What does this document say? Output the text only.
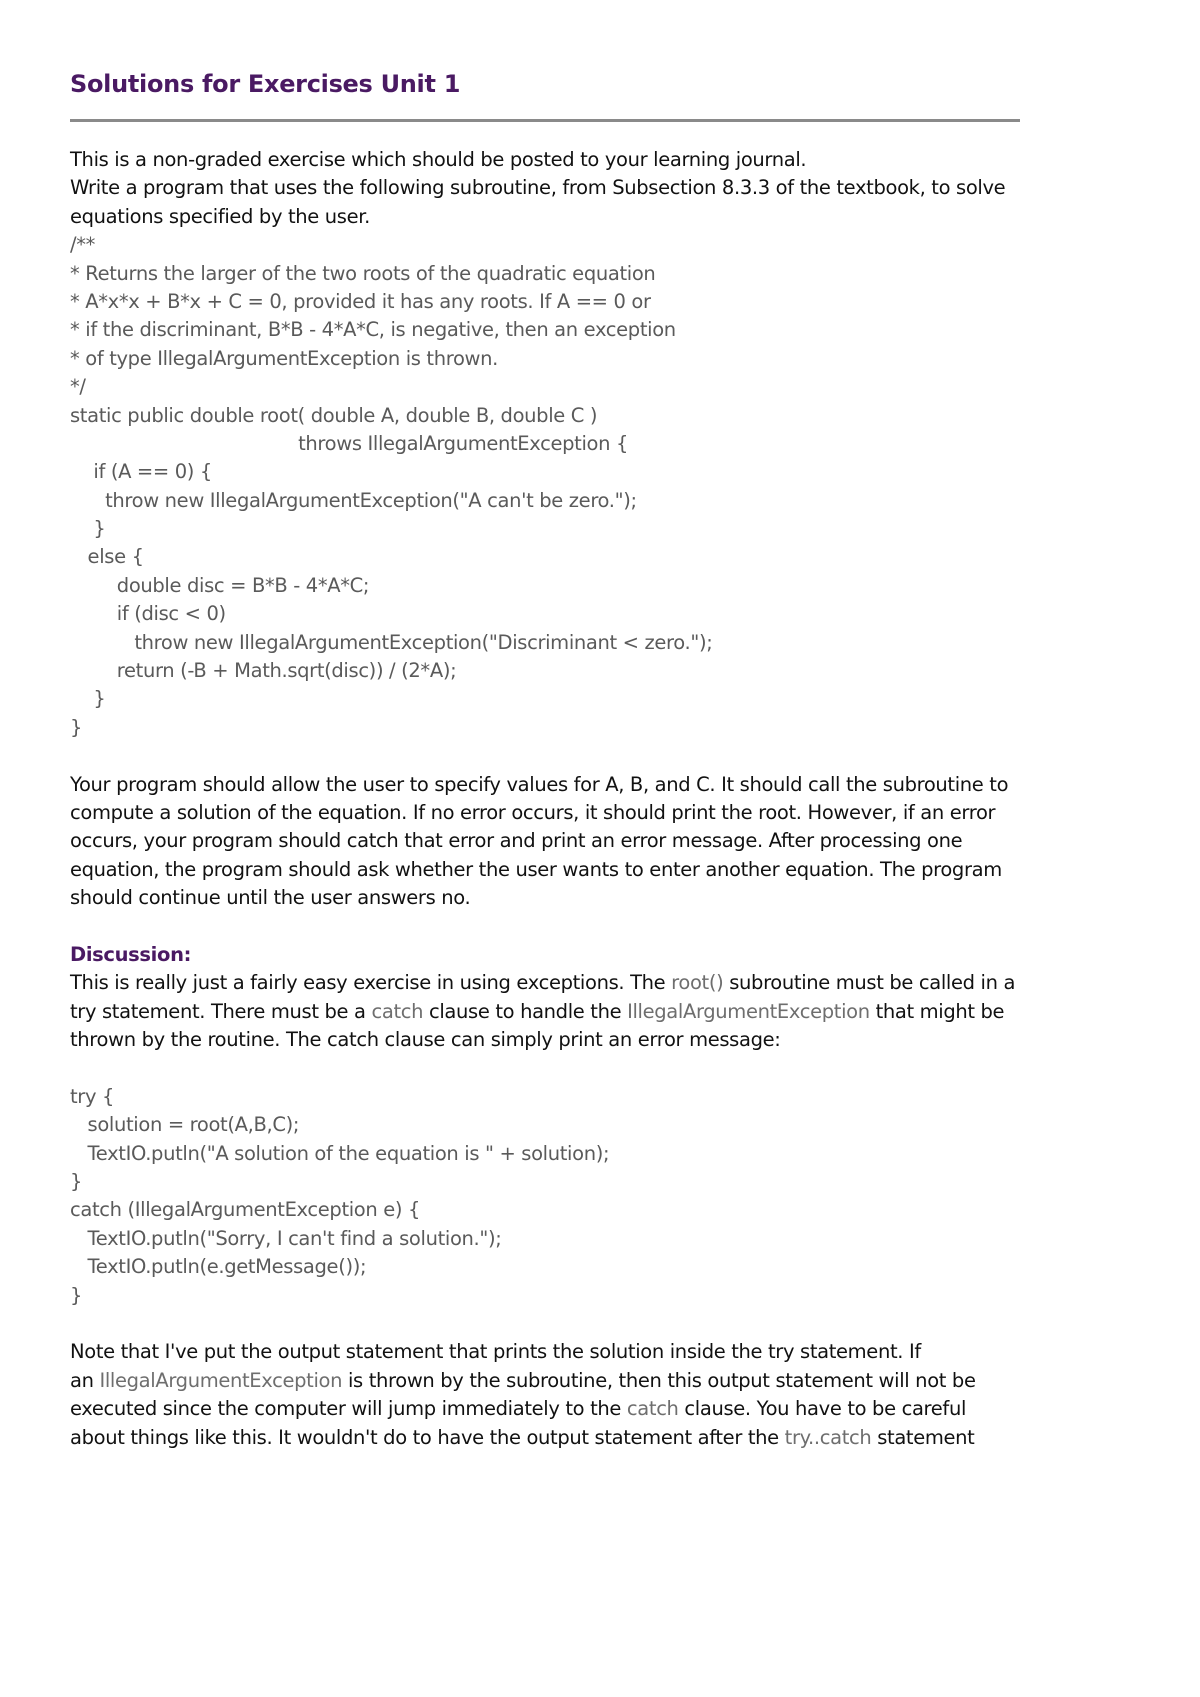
Solutions for Exercises Unit 1
This is a non-graded exercise which should be posted to your learning journal.
Write a program that uses the following subroutine, from Subsection 8.3.3 of the textbook, to solve
equations specified by the user.
/**
* Returns the larger of the two roots of the quadratic equation
* A*x*x + B*x + C = 0, provided it has any roots. If A == 0 or
* if the discriminant, B*B - 4*A*C, is negative, then an exception
* of type IllegalArgumentException is thrown.
*/
static public double root( double A, double B, double C )
throws IllegalArgumentException {
if (A == 0) {
throw new IllegalArgumentException("A can't be zero.");
}
else {
double disc = B*B - 4*A*C;
if (disc < 0)
throw new IllegalArgumentException("Discriminant < zero.");
return (-B + Math.sqrt(disc)) / (2*A);
}
}
Your program should allow the user to specify values for A, B, and C. It should call the subroutine to
compute a solution of the equation. If no error occurs, it should print the root. However, if an error
occurs, your program should catch that error and print an error message. After processing one
equation, the program should ask whether the user wants to enter another equation. The program
should continue until the user answers no.
Discussion:
This is really just a fairly easy exercise in using exceptions. The root() subroutine must be called in a
try statement. There must be a catch clause to handle the IllegalArgumentException that might be
thrown by the routine. The catch clause can simply print an error message:
try {
solution = root(A,B,C);
TextIO.putln("A solution of the equation is " + solution);
}
catch (IllegalArgumentException e) {
TextIO.putln("Sorry, I can't find a solution.");
TextIO.putln(e.getMessage());
}
Note that I've put the output statement that prints the solution inside the try statement. If
an IllegalArgumentException is thrown by the subroutine, then this output statement will not be
executed since the computer will jump immediately to the catch clause. You have to be careful
about things like this. It wouldn't do to have the output statement after the try..catch statement
